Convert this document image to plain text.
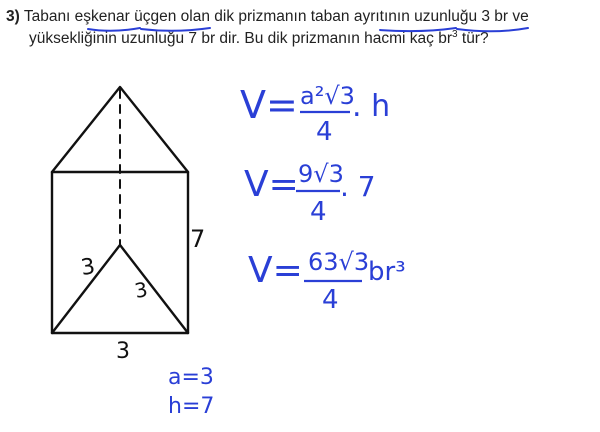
3) Tabanı eşkenar üçgen olan dik prizmanın taban ayrıtının uzunluğu 3 br ve
yüksekliğinin uzunluğu 7 br dir. Bu dik prizmanın hacmi kaç $br^3$ tür?
3
3
7
3
a=3
h=7
V= a²√3
4
. h
V= 9√3
4
. 7
V= 63√3
4
br³
